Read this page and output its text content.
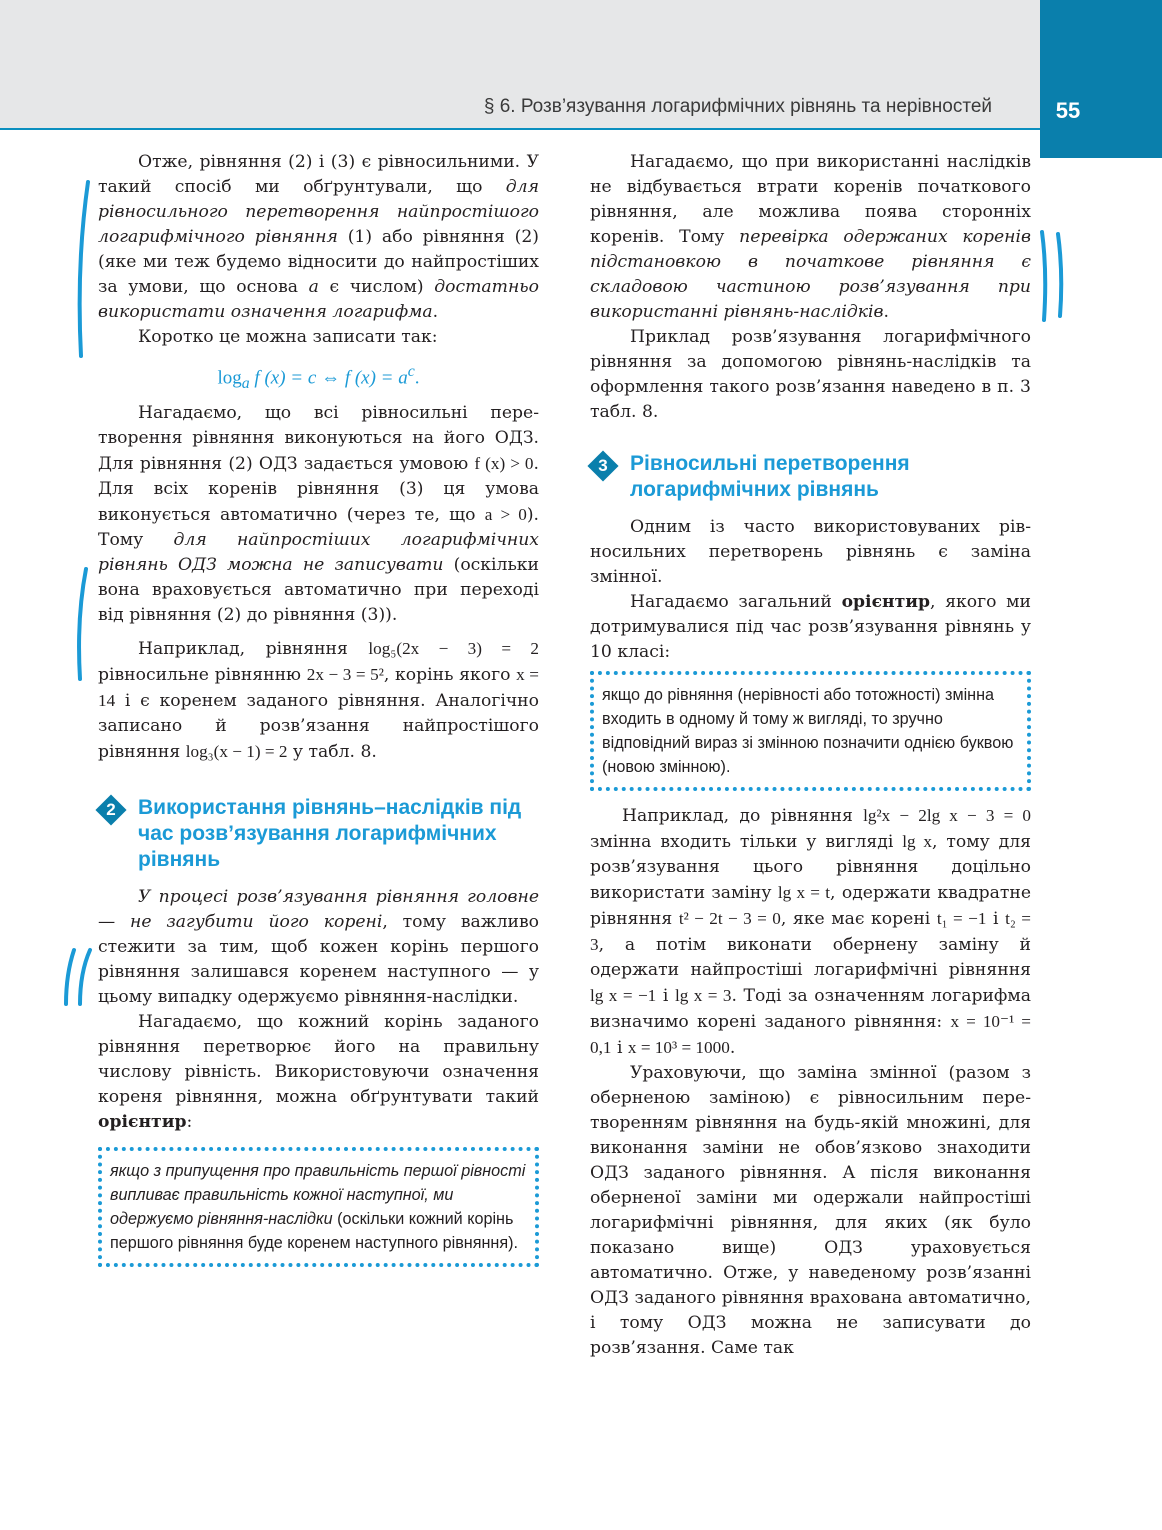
§ 6. Розв’язування логарифмічних рівнянь та нерівностей	55

Отже, рівняння (2) і (3) є рівносильними. У такий спосіб ми обґрунтували, що для рівносильного перетворення найпростішого логарифмічного рівняння (1) або рівняння (2) (яке ми теж будемо відносити до найпростіших за умови, що основа a є числом) достатньо використати означення логарифма.

Коротко це можна записати так:

$\log_a f$ (x) = c ⇔ f $(x) = a^c$.

Нагадаємо, що всі рівносильні перетворення рівняння виконуються на його ОДЗ. Для рівняння (2) ОДЗ задається умовою f (x) > 0. Для всіх коренів рівняння (3) ця умова виконується автоматично (через те, що a > 0). Тому для найпростіших логарифмічних рівнянь ОДЗ можна не записувати (оскільки вона враховується автоматично при переході від рівняння (2) до рівняння (3)).

Наприклад, рівняння log₅(2x − 3) = 2 рівносильне рівнянню 2x − 3 = 5², корінь якого x = 14 і є коренем заданого рівняння. Аналогічно записано й розв’язання найпростішого рівняння log₃(x − 1) = 2 у табл. 8.

2 Використання рівнянь–наслідків під час розв’язування логарифмічних рівнянь

У процесі розв’язування рівняння головне — не загубити його корені, тому важливо стежити за тим, щоб кожен корінь першого рівняння залишався коренем наступного — у цьому випадку одержуємо рівняння-наслідки.

Нагадаємо, що кожний корінь заданого рівняння перетворює його на правильну числову рівність. Використовуючи означення кореня рівняння, можна обґрунтувати такий орієнтир:

якщо з припущення про правильність першої рівності випливає правильність кожної наступної, ми одержуємо рівняння-наслідки (оскільки кожний корінь першого рівняння буде коренем наступного рівняння).

Нагадаємо, що при використанні наслідків не відбувається втрати коренів початкового рівняння, але можлива поява сторонніх коренів. Тому перевірка одержаних коренів підстановкою в початкове рівняння є складовою частиною розв’язування при використанні рівнянь-наслідків.

Приклад розв’язування логарифмічного рівняння за допомогою рівнянь-наслідків та оформлення такого розв’язання наведено в п. 3 табл. 8.

3 Рівносильні перетворення логарифмічних рівнянь

Одним із часто використовуваних рівносильних перетворень рівнянь є заміна змінної.

Нагадаємо загальний орієнтир, якого ми дотримувалися під час розв’язування рівнянь у 10 класі:

якщо до рівняння (нерівності або тотожності) змінна входить в одному й тому ж вигляді, то зручно відповідний вираз зі змінною позначити однією буквою (новою змінною).

Наприклад, до рівняння lg²x − 2lg x − 3 = 0 змінна входить тільки у вигляді lg x, тому для розв’язування цього рівняння доцільно використати заміну lg x = t, одержати квадратне рівняння t² − 2t − 3 = 0, яке має корені t₁ = −1 і t₂ = 3, а потім виконати обернену заміну й одержати найпростіші логарифмічні рівняння lg x = −1 і lg x = 3. Тоді за означенням логарифма визначимо корені заданого рівняння: x = 10⁻¹ = 0,1 і x = 10³ = 1000.

Ураховуючи, що заміна змінної (разом з оберненою заміною) є рівносильним перетворенням рівняння на будь-якій множині, для виконання заміни не обов’язково знаходити ОДЗ заданого рівняння. А після виконання оберненої заміни ми одержали найпростіші логарифмічні рівняння, для яких (як було показано вище) ОДЗ ураховується автоматично. Отже, у наведеному розв’язанні ОДЗ заданого рівняння врахована автоматично, і тому ОДЗ можна не записувати до розв’язання. Саме так
